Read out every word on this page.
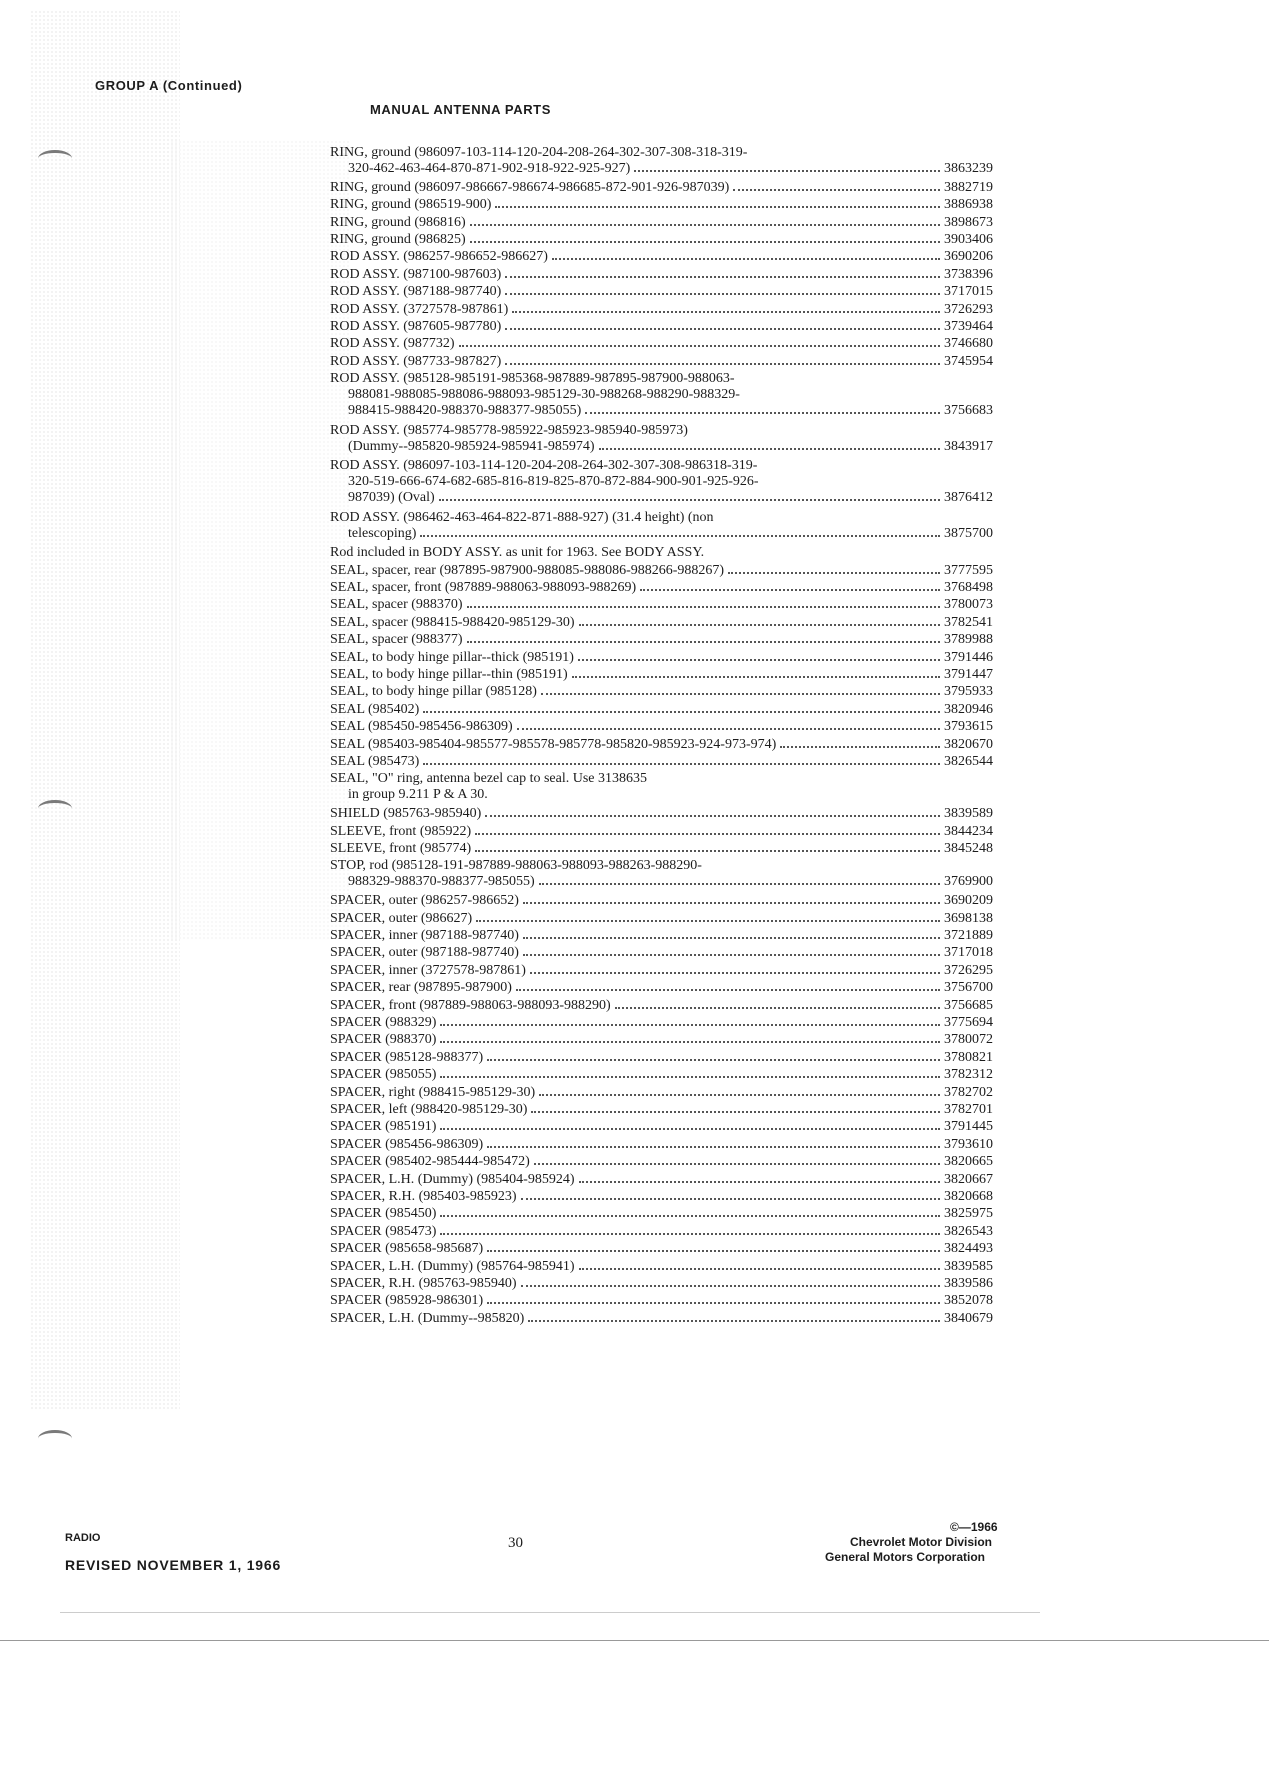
GROUP A (Continued)
MANUAL ANTENNA PARTS
RING, ground (986097-103-114-120-204-208-264-302-307-308-318-319-
320-462-463-464-870-871-902-918-922-925-927)	3863239
RING, ground (986097-986667-986674-986685-872-901-926-987039)	3882719
RING, ground (986519-900)	3886938
RING, ground (986816)	3898673
RING, ground (986825)	3903406
ROD ASSY. (986257-986652-986627)	3690206
ROD ASSY. (987100-987603)	3738396
ROD ASSY. (987188-987740)	3717015
ROD ASSY. (3727578-987861)	3726293
ROD ASSY. (987605-987780)	3739464
ROD ASSY. (987732)	3746680
ROD ASSY. (987733-987827)	3745954
ROD ASSY. (985128-985191-985368-987889-987895-987900-988063-
988081-988085-988086-988093-985129-30-988268-988290-988329-
988415-988420-988370-988377-985055)	3756683
ROD ASSY. (985774-985778-985922-985923-985940-985973)
(Dummy--985820-985924-985941-985974)	3843917
ROD ASSY. (986097-103-114-120-204-208-264-302-307-308-986318-319-
320-519-666-674-682-685-816-819-825-870-872-884-900-901-925-926-
987039) (Oval)	3876412
ROD ASSY. (986462-463-464-822-871-888-927) (31.4 height) (non
telescoping)	3875700
Rod included in BODY ASSY. as unit for 1963. See BODY ASSY.
SEAL, spacer, rear (987895-987900-988085-988086-988266-988267)	3777595
SEAL, spacer, front (987889-988063-988093-988269)	3768498
SEAL, spacer (988370)	3780073
SEAL, spacer (988415-988420-985129-30)	3782541
SEAL, spacer (988377)	3789988
SEAL, to body hinge pillar--thick (985191)	3791446
SEAL, to body hinge pillar--thin (985191)	3791447
SEAL, to body hinge pillar (985128)	3795933
SEAL (985402)	3820946
SEAL (985450-985456-986309)	3793615
SEAL (985403-985404-985577-985578-985778-985820-985923-924-973-974)	3820670
SEAL (985473)	3826544
SEAL, "O" ring, antenna bezel cap to seal. Use 3138635
in group 9.211 P & A 30.
SHIELD (985763-985940)	3839589
SLEEVE, front (985922)	3844234
SLEEVE, front (985774)	3845248
STOP, rod (985128-191-987889-988063-988093-988263-988290-
988329-988370-988377-985055)	3769900
SPACER, outer (986257-986652)	3690209
SPACER, outer (986627)	3698138
SPACER, inner (987188-987740)	3721889
SPACER, outer (987188-987740)	3717018
SPACER, inner (3727578-987861)	3726295
SPACER, rear (987895-987900)	3756700
SPACER, front (987889-988063-988093-988290)	3756685
SPACER (988329)	3775694
SPACER (988370)	3780072
SPACER (985128-988377)	3780821
SPACER (985055)	3782312
SPACER, right (988415-985129-30)	3782702
SPACER, left (988420-985129-30)	3782701
SPACER (985191)	3791445
SPACER (985456-986309)	3793610
SPACER (985402-985444-985472)	3820665
SPACER, L.H. (Dummy) (985404-985924)	3820667
SPACER, R.H. (985403-985923)	3820668
SPACER (985450)	3825975
SPACER (985473)	3826543
SPACER (985658-985687)	3824493
SPACER, L.H. (Dummy) (985764-985941)	3839585
SPACER, R.H. (985763-985940)	3839586
SPACER (985928-986301)	3852078
SPACER, L.H. (Dummy--985820)	3840679
RADIO
REVISED NOVEMBER 1, 1966
30
©—1966
Chevrolet Motor Division
General Motors Corporation
